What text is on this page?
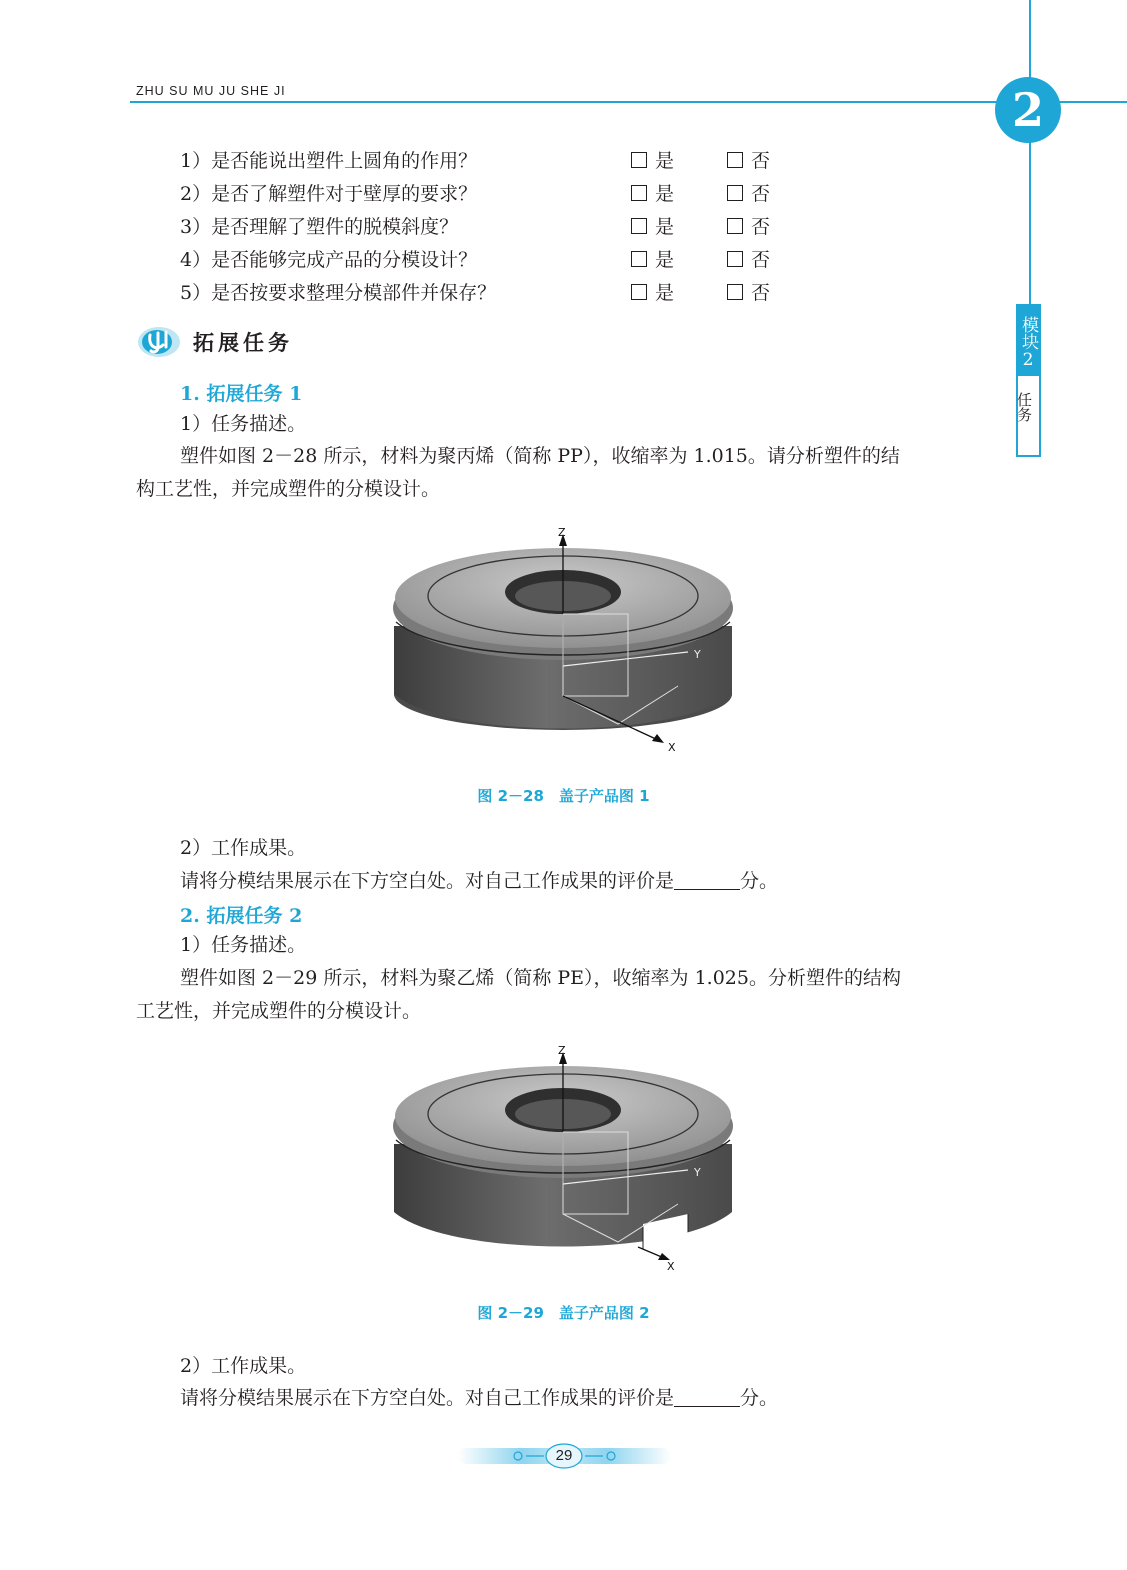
ZHU SU MU JU SHE JI	2
模块2
任务
1）是否能说出塑件上圆角的作用？	是	否
2）是否了解塑件对于壁厚的要求？	是	否
3）是否理解了塑件的脱模斜度？	是	否
4）是否能够完成产品的分模设计？	是	否
5）是否按要求整理分模部件并保存？	是	否
拓展任务
1. 拓展任务 1
1）任务描述。
塑件如图 2－28 所示，材料为聚丙烯（简称 PP），收缩率为 1.015。请分析塑件的结
构工艺性，并完成塑件的分模设计。
Z
Y
X
图 2－28　盖子产品图 1
2）工作成果。
请将分模结果展示在下方空白处。对自己工作成果的评价是	分。
2. 拓展任务 2
1）任务描述。
塑件如图 2－29 所示，材料为聚乙烯（简称 PE），收缩率为 1.025。分析塑件的结构
工艺性，并完成塑件的分模设计。
Z
Y
X
图 2－29　盖子产品图 2
2）工作成果。
请将分模结果展示在下方空白处。对自己工作成果的评价是	分。
29
